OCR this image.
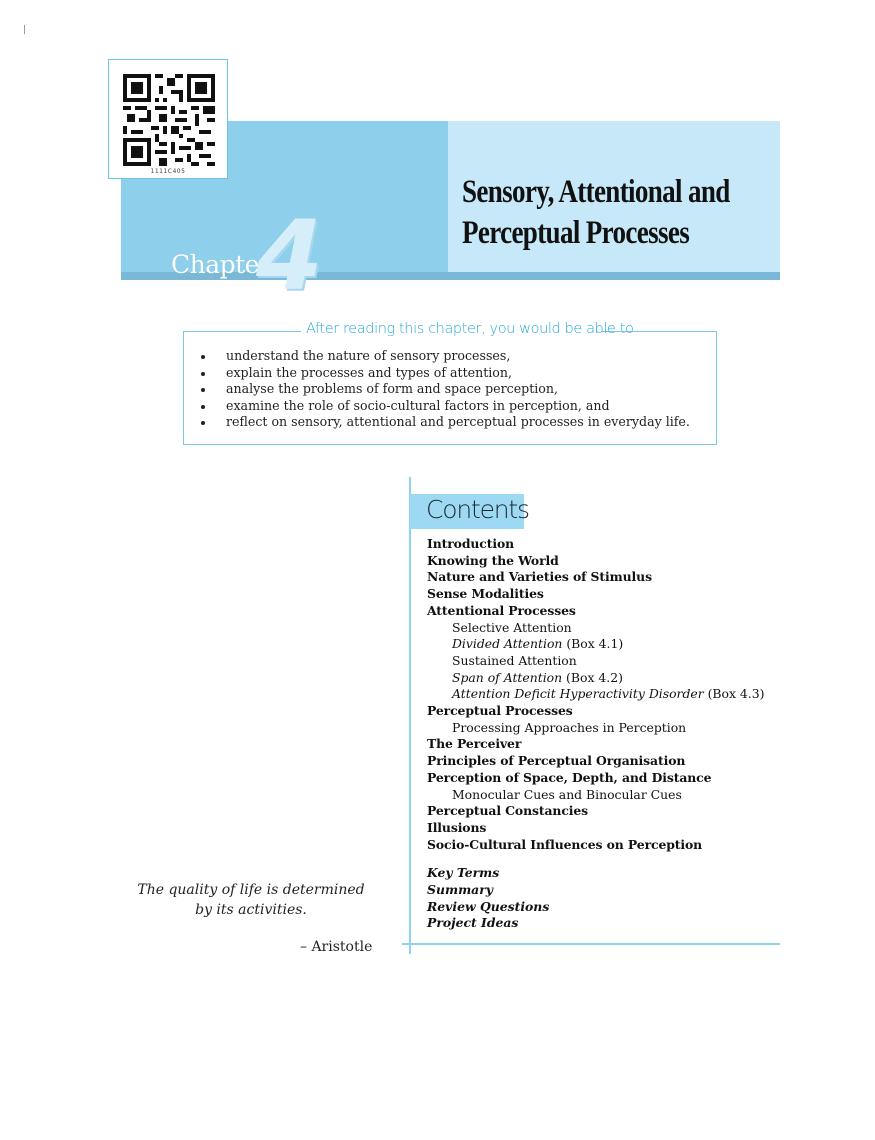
1111C405
Chapter
4
Sensory, Attentional and
Perceptual Processes
After reading this chapter, you would be able to
understand the nature of sensory processes,
explain the processes and types of attention,
analyse the problems of form and space perception,
examine the role of socio-cultural factors in perception, and
reflect on sensory, attentional and perceptual processes in everyday life.
Contents
Introduction
Knowing the World
Nature and Varieties of Stimulus
Sense Modalities
Attentional Processes
Selective Attention
Divided Attention (Box 4.1)
Sustained Attention
Span of Attention (Box 4.2)
Attention Deficit Hyperactivity Disorder (Box 4.3)
Perceptual Processes
Processing Approaches in Perception
The Perceiver
Principles of Perceptual Organisation
Perception of Space, Depth, and Distance
Monocular Cues and Binocular Cues
Perceptual Constancies
Illusions
Socio-Cultural Influences on Perception
Key Terms
Summary
Review Questions
Project Ideas
The quality of life is determined
by its activities.
– Aristotle
